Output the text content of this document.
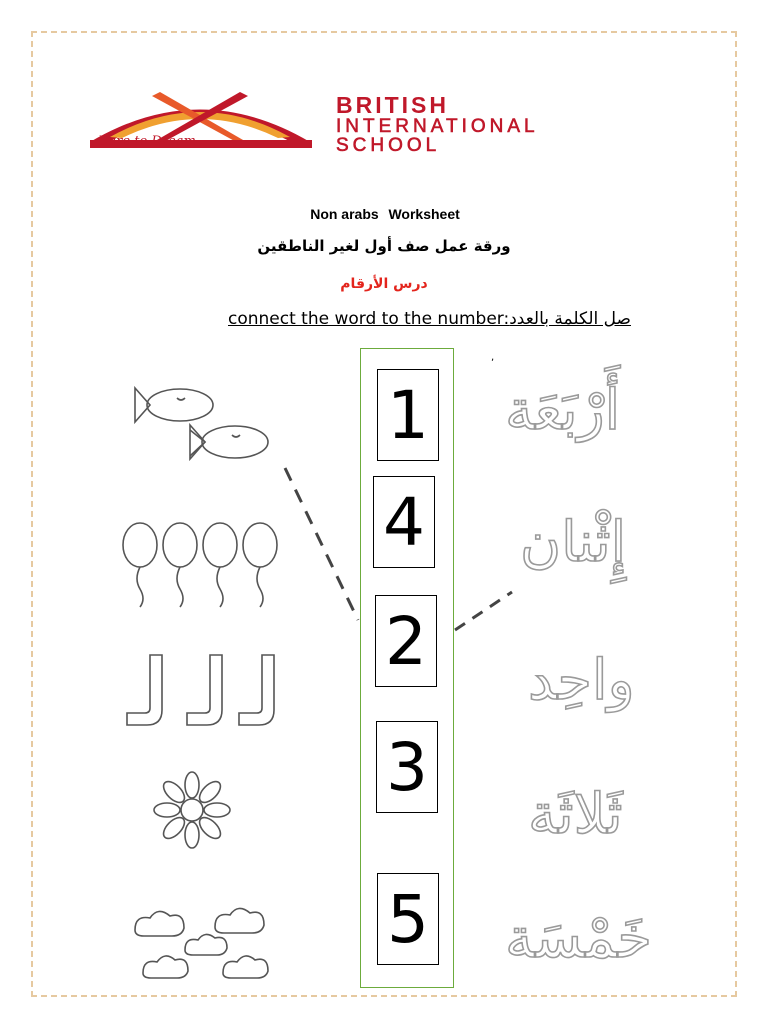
Dare to Dream
BRITISH
INTERNATIONAL
SCHOOL
Non arabs Worksheet
ورقة عمل صف أول لغير الناطقين
درس الأرقام
connect the word to the number:صل الكلمة بالعدد
,
1
4
2
3
5
أَرْبَعَة
إِثْنان
واحِد
ثَلاثَة
خَمْسَة
